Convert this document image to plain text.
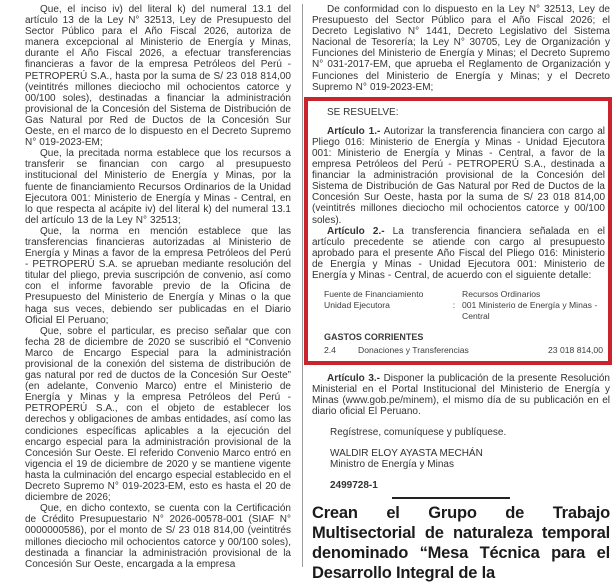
Que, el inciso iv) del literal k) del numeral 13.1 del artículo 13 de la Ley N° 32513, Ley de Presupuesto del Sector Público para el Año Fiscal 2026, autoriza de manera excepcional al Ministerio de Energía y Minas, durante el Año Fiscal 2026, a efectuar transferencias financieras a favor de la empresa Petróleos del Perú - PETROPERÚ S.A., hasta por la suma de S/ 23 018 814,00 (veintitrés millones dieciocho mil ochocientos catorce y 00/100 soles), destinadas a financiar la administración provisional de la Concesión del Sistema de Distribución de Gas Natural por Red de Ductos de la Concesión Sur Oeste, en el marco de lo dispuesto en el Decreto Supremo N° 019-2023-EM;

Que, la precitada norma establece que los recursos a transferir se financian con cargo al presupuesto institucional del Ministerio de Energía y Minas, por la fuente de financiamiento Recursos Ordinarios de la Unidad Ejecutora 001: Ministerio de Energía y Minas - Central, en lo que respecta al acápite iv) del literal k) del numeral 13.1 del artículo 13 de la Ley N° 32513;

Que, la norma en mención establece que las transferencias financieras autorizadas al Ministerio de Energía y Minas a favor de la empresa Petróleos del Perú - PETROPERÚ S.A. se aprueban mediante resolución del titular del pliego, previa suscripción de convenio, así como con el informe favorable previo de la Oficina de Presupuesto del Ministerio de Energía y Minas o la que haga sus veces, debiendo ser publicadas en el Diario Oficial El Peruano;

Que, sobre el particular, es preciso señalar que con fecha 28 de diciembre de 2020 se suscribió el “Convenio Marco de Encargo Especial para la administración provisional de la conexión del sistema de distribución de gas natural por red de ductos de la Concesión Sur Oeste” (en adelante, Convenio Marco) entre el Ministerio de Energía y Minas y la empresa Petróleos del Perú - PETROPERÚ S.A., con el objeto de establecer los derechos y obligaciones de ambas entidades, así como las condiciones específicas aplicables a la ejecución del encargo especial para la administración provisional de la Concesión Sur Oeste. El referido Convenio Marco entró en vigencia el 19 de diciembre de 2020 y se mantiene vigente hasta la culminación del encargo especial establecido en el Decreto Supremo N° 019-2023-EM, esto es hasta el 20 de diciembre de 2026;

Que, en dicho contexto, se cuenta con la Certificación de Crédito Presupuestario N° 2026-00578-001 (SIAF N° 0000000586), por el monto de S/ 23 018 814,00 (veintitrés millones dieciocho mil ochocientos catorce y 00/100 soles), destinada a financiar la administración provisional de la Concesión Sur Oeste, encargada a la empresa

De conformidad con lo dispuesto en la Ley N° 32513, Ley de Presupuesto del Sector Público para el Año Fiscal 2026; el Decreto Legislativo N° 1441, Decreto Legislativo del Sistema Nacional de Tesorería; la Ley N° 30705, Ley de Organización y Funciones del Ministerio de Energía y Minas; el Decreto Supremo N° 031-2017-EM, que aprueba el Reglamento de Organización y Funciones del Ministerio de Energía y Minas; y el Decreto Supremo N° 019-2023-EM;

SE RESUELVE:

Artículo 1.- Autorizar la transferencia financiera con cargo al Pliego 016: Ministerio de Energía y Minas - Unidad Ejecutora 001: Ministerio de Energía y Minas - Central, a favor de la empresa Petróleos del Perú - PETROPERÚ S.A., destinada a financiar la administración provisional de la Concesión del Sistema de Distribución de Gas Natural por Red de Ductos de la Concesión Sur Oeste, hasta por la suma de S/ 23 018 814,00 (veintitrés millones dieciocho mil ochocientos catorce y 00/100 soles).

Artículo 2.- La transferencia financiera señalada en el artículo precedente se atiende con cargo al presupuesto aprobado para el presente Año Fiscal del Pliego 016: Ministerio de Energía y Minas - Unidad Ejecutora 001: Ministerio de Energía y Minas - Central, de acuerdo con el siguiente detalle:

Fuente de Financiamiento	Recursos Ordinarios
Unidad Ejecutora	: 001 Ministerio de Energía y Minas - Central
GASTOS CORRIENTES
2.4	Donaciones y Transferencias	23 018 814,00

Artículo 3.- Disponer la publicación de la presente Resolución Ministerial en el Portal Institucional del Ministerio de Energía y Minas (www.gob.pe/minem), el mismo día de su publicación en el diario oficial El Peruano.

Regístrese, comuníquese y publíquese.

WALDIR ELOY AYASTA MECHÁN

Ministro de Energía y Minas

2499728-1

Crean el Grupo de Trabajo Multisectorial de naturaleza temporal denominado “Mesa Técnica para el Desarrollo Integral de la
